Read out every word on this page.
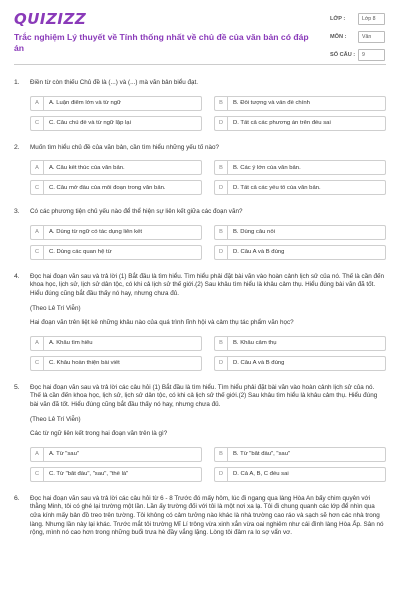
QUIZIZZ
Trắc nghiệm Lý thuyết về Tính thống nhất về chủ đề của văn bản có đáp án
LỚP :	Lớp 8
MÔN :	Văn
SỐ CÂU :	9
1. Điền từ còn thiếu Chủ đề là (...) và (...) mà văn bản biểu đạt.

A	A. Luận điểm lớn và từ ngữ	B	B. Đối tượng và vấn đề chính
C	C. Câu chủ đề và từ ngữ lặp lại	D	D. Tất cả các phương án trên đều sai
2. Muốn tìm hiểu chủ đề của văn bản, cần tìm hiểu những yếu tố nào?

A	A. Câu kết thúc của văn bản.	B	B. Các ý lớn của văn bản.
C	C. Câu mở đầu của mỗi đoạn trong văn bản.	D	D. Tất cả các yếu tố của văn bản.
3. Có các phương tiện chủ yếu nào để thể hiện sự liên kết giữa các đoạn văn?

A	A. Dùng từ ngữ có tác dụng liên kết	B	B. Dùng câu nối
C	C. Dùng các quan hệ từ	D	D. Câu A và B đúng
4. Đọc hai đoạn văn sau và trả lời (1) Bắt đầu là tìm hiểu. Tìm hiểu phải đặt bài văn vào hoàn cảnh lịch sử của nó. Thế là cần đến khoa học, lịch sử, lịch sử dân tộc, có khi cả lịch sử thế giới.(2) Sau khâu tìm hiểu là khâu cảm thụ. Hiểu đúng bài văn đã tốt. Hiểu đúng cũng bắt đầu thấy nó hay, nhưng chưa đủ.

(Theo Lê Trí Viễn)

Hai đoạn văn trên liệt kê những khâu nào của quá trình lĩnh hội và cảm thụ tác phẩm văn học?

A	A. Khâu tìm hiểu	B	B. Khâu cảm thụ
C	C. Khâu hoàn thiện bài viết	D	D. Câu A và B đúng
5. Đọc hai đoạn văn sau và trả lời các câu hỏi (1) Bắt đầu là tìm hiểu. Tìm hiểu phải đặt bài văn vào hoàn cảnh lịch sử của nó. Thế là cần đến khoa học, lịch sử, lịch sử dân tộc, có khi cả lịch sử thế giới.(2) Sau khâu tìm hiểu là khâu cảm thụ. Hiểu đúng bài văn đã tốt. Hiểu đúng cũng bắt đầu thấy nó hay, nhưng chưa đủ.

(Theo Lê Trí Viễn)

Các từ ngữ liên kết trong hai đoạn văn trên là gì?

A	A. Từ "sau"	B	B. Từ "bắt đầu", "sau"
C	C. Từ "bắt đầu", "sau", "thế là"	D	D. Cả A, B, C đều sai
6. Đọc hai đoạn văn sau và trả lời các câu hỏi từ 6 - 8 Trước đó mấy hôm, lúc đi ngang qua làng Hòa An bấy chim quyên với thằng Minh, tôi có ghé lại trường một lần. Lần ấy trường đối với tôi là một nơi xa lạ. Tôi đi chung quanh các lớp để nhìn qua cửa kính mấy bản đồ treo trên tường. Tôi không có cảm tưởng nào khác là nhà trường cao ráo và sạch sẽ hơn các nhà trong làng. Nhưng lần này lại khác. Trước mắt tôi trường Mĩ Lí trông vừa xinh xắn vừa oai nghiêm như cái đình làng Hòa Ấp. Sân nó rộng, mình nó cao hơn trong những buổi trưa hè đầy vắng lặng. Lòng tôi đâm ra lo sợ vẩn vơ.
